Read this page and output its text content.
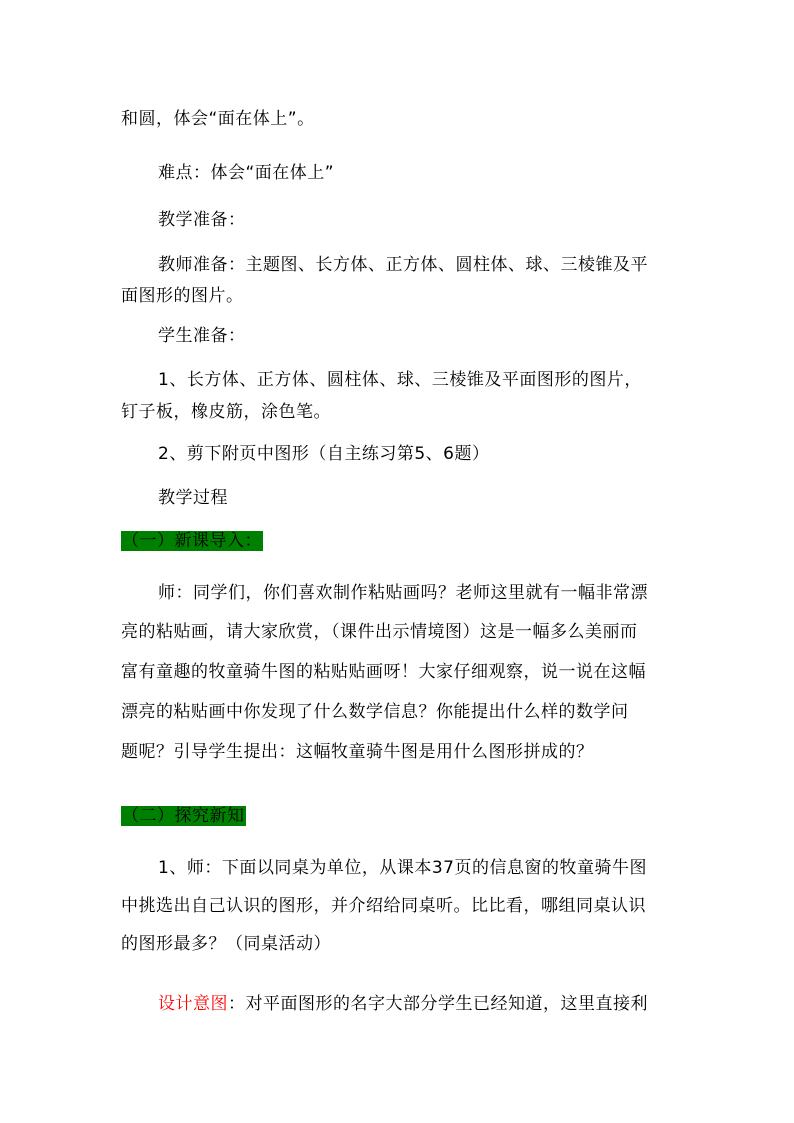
和圆，体会“面在体上”。
难点：体会“面在体上”
教学准备：
教师准备：主题图、长方体、正方体、圆柱体、球、三棱锥及平
面图形的图片。
学生准备：
1、长方体、正方体、圆柱体、球、三棱锥及平面图形的图片，
钉子板，橡皮筋，涂色笔。
2、剪下附页中图形（自主练习第5、6题）
教学过程
（一）新课导入：
师：同学们，你们喜欢制作粘贴画吗？老师这里就有一幅非常漂
亮的粘贴画，请大家欣赏，（课件出示情境图）这是一幅多么美丽而
富有童趣的牧童骑牛图的粘贴贴画呀！大家仔细观察，说一说在这幅
漂亮的粘贴画中你发现了什么数学信息？你能提出什么样的数学问
题呢？引导学生提出：这幅牧童骑牛图是用什么图形拼成的？
（二）探究新知
1、师：下面以同桌为单位，从课本37页的信息窗的牧童骑牛图
中挑选出自己认识的图形，并介绍给同桌听。比比看，哪组同桌认识
的图形最多？（同桌活动）
设计意图：对平面图形的名字大部分学生已经知道，这里直接利
